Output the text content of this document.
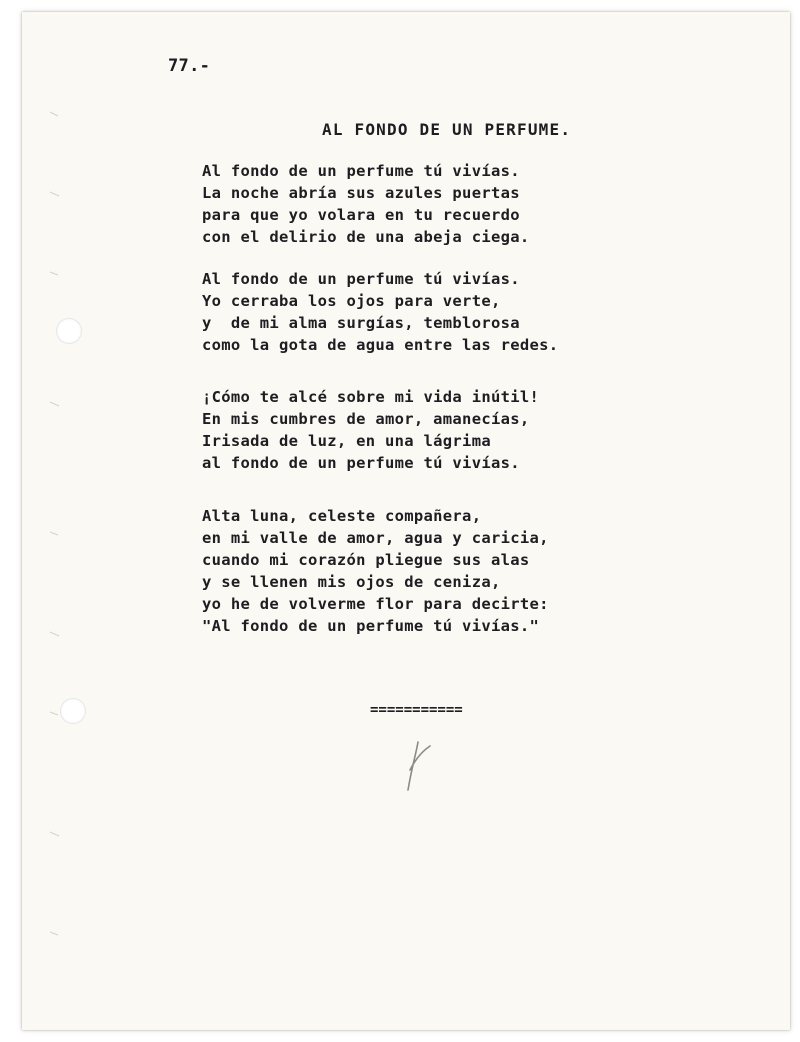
77.-
AL FONDO DE UN PERFUME.
Al fondo de un perfume tú vivías.
La noche abría sus azules puertas
para que yo volara en tu recuerdo
con el delirio de una abeja ciega.
Al fondo de un perfume tú vivías.
Yo cerraba los ojos para verte,
y  de mi alma surgías, temblorosa
como la gota de agua entre las redes.
¡Cómo te alcé sobre mi vida inútil!
En mis cumbres de amor, amanecías,
Irisada de luz, en una lágrima
al fondo de un perfume tú vivías.
Alta luna, celeste compañera,
en mi valle de amor, agua y caricia,
cuando mi corazón pliegue sus alas
y se llenen mis ojos de ceniza,
yo he de volverme flor para decirte:
"Al fondo de un perfume tú vivías."
===========
